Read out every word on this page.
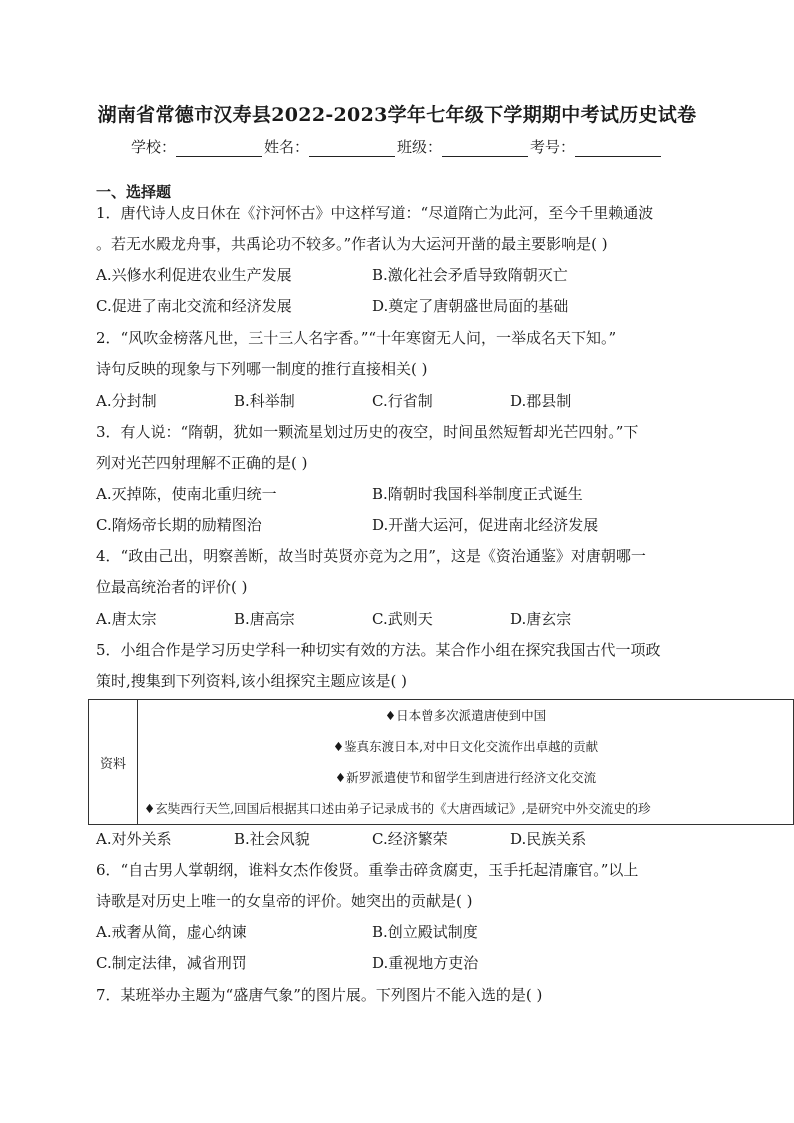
湖南省常德市汉寿县2022-2023学年七年级下学期期中考试历史试卷
学校：	姓名：	班级：	考号：
一、选择题
1．唐代诗人皮日休在《汴河怀古》中这样写道：“尽道隋亡为此河，至今千里赖通波
。若无水殿龙舟事，共禹论功不较多。”作者认为大运河开凿的最主要影响是( )
A.兴修水利促进农业生产发展	B.激化社会矛盾导致隋朝灭亡
C.促进了南北交流和经济发展	D.奠定了唐朝盛世局面的基础
2．“风吹金榜落凡世，三十三人名字香。”“十年寒窗无人问，一举成名天下知。”
诗句反映的现象与下列哪一制度的推行直接相关( )
A.分封制	B.科举制	C.行省制	D.郡县制
3．有人说：“隋朝，犹如一颗流星划过历史的夜空，时间虽然短暂却光芒四射。”下
列对光芒四射理解不正确的是( )
A.灭掉陈，使南北重归统一	B.隋朝时我国科举制度正式诞生
C.隋炀帝长期的励精图治	D.开凿大运河，促进南北经济发展
4．“政由己出，明察善断，故当时英贤亦竞为之用”，这是《资治通鉴》对唐朝哪一
位最高统治者的评价( )
A.唐太宗	B.唐高宗	C.武则天	D.唐玄宗
5．小组合作是学习历史学科一种切实有效的方法。某合作小组在探究我国古代一项政
策时,搜集到下列资料,该小组探究主题应该是( )
资料	
♦日本曾多次派遣唐使到中国
♦鉴真东渡日本,对中日文化交流作出卓越的贡献
♦新罗派遣使节和留学生到唐进行经济文化交流
♦玄奘西行天竺,回国后根据其口述由弟子记录成书的《大唐西域记》,是研究中外交流史的珍
A.对外关系	B.社会风貌	C.经济繁荣	D.民族关系
6．“自古男人掌朝纲，谁料女杰作俊贤。重拳击碎贪腐吏，玉手托起清廉官。”以上
诗歌是对历史上唯一的女皇帝的评价。她突出的贡献是( )
A.戒奢从简，虚心纳谏	B.创立殿试制度
C.制定法律，减省刑罚	D.重视地方吏治
7．某班举办主题为“盛唐气象”的图片展。下列图片不能入选的是( )
